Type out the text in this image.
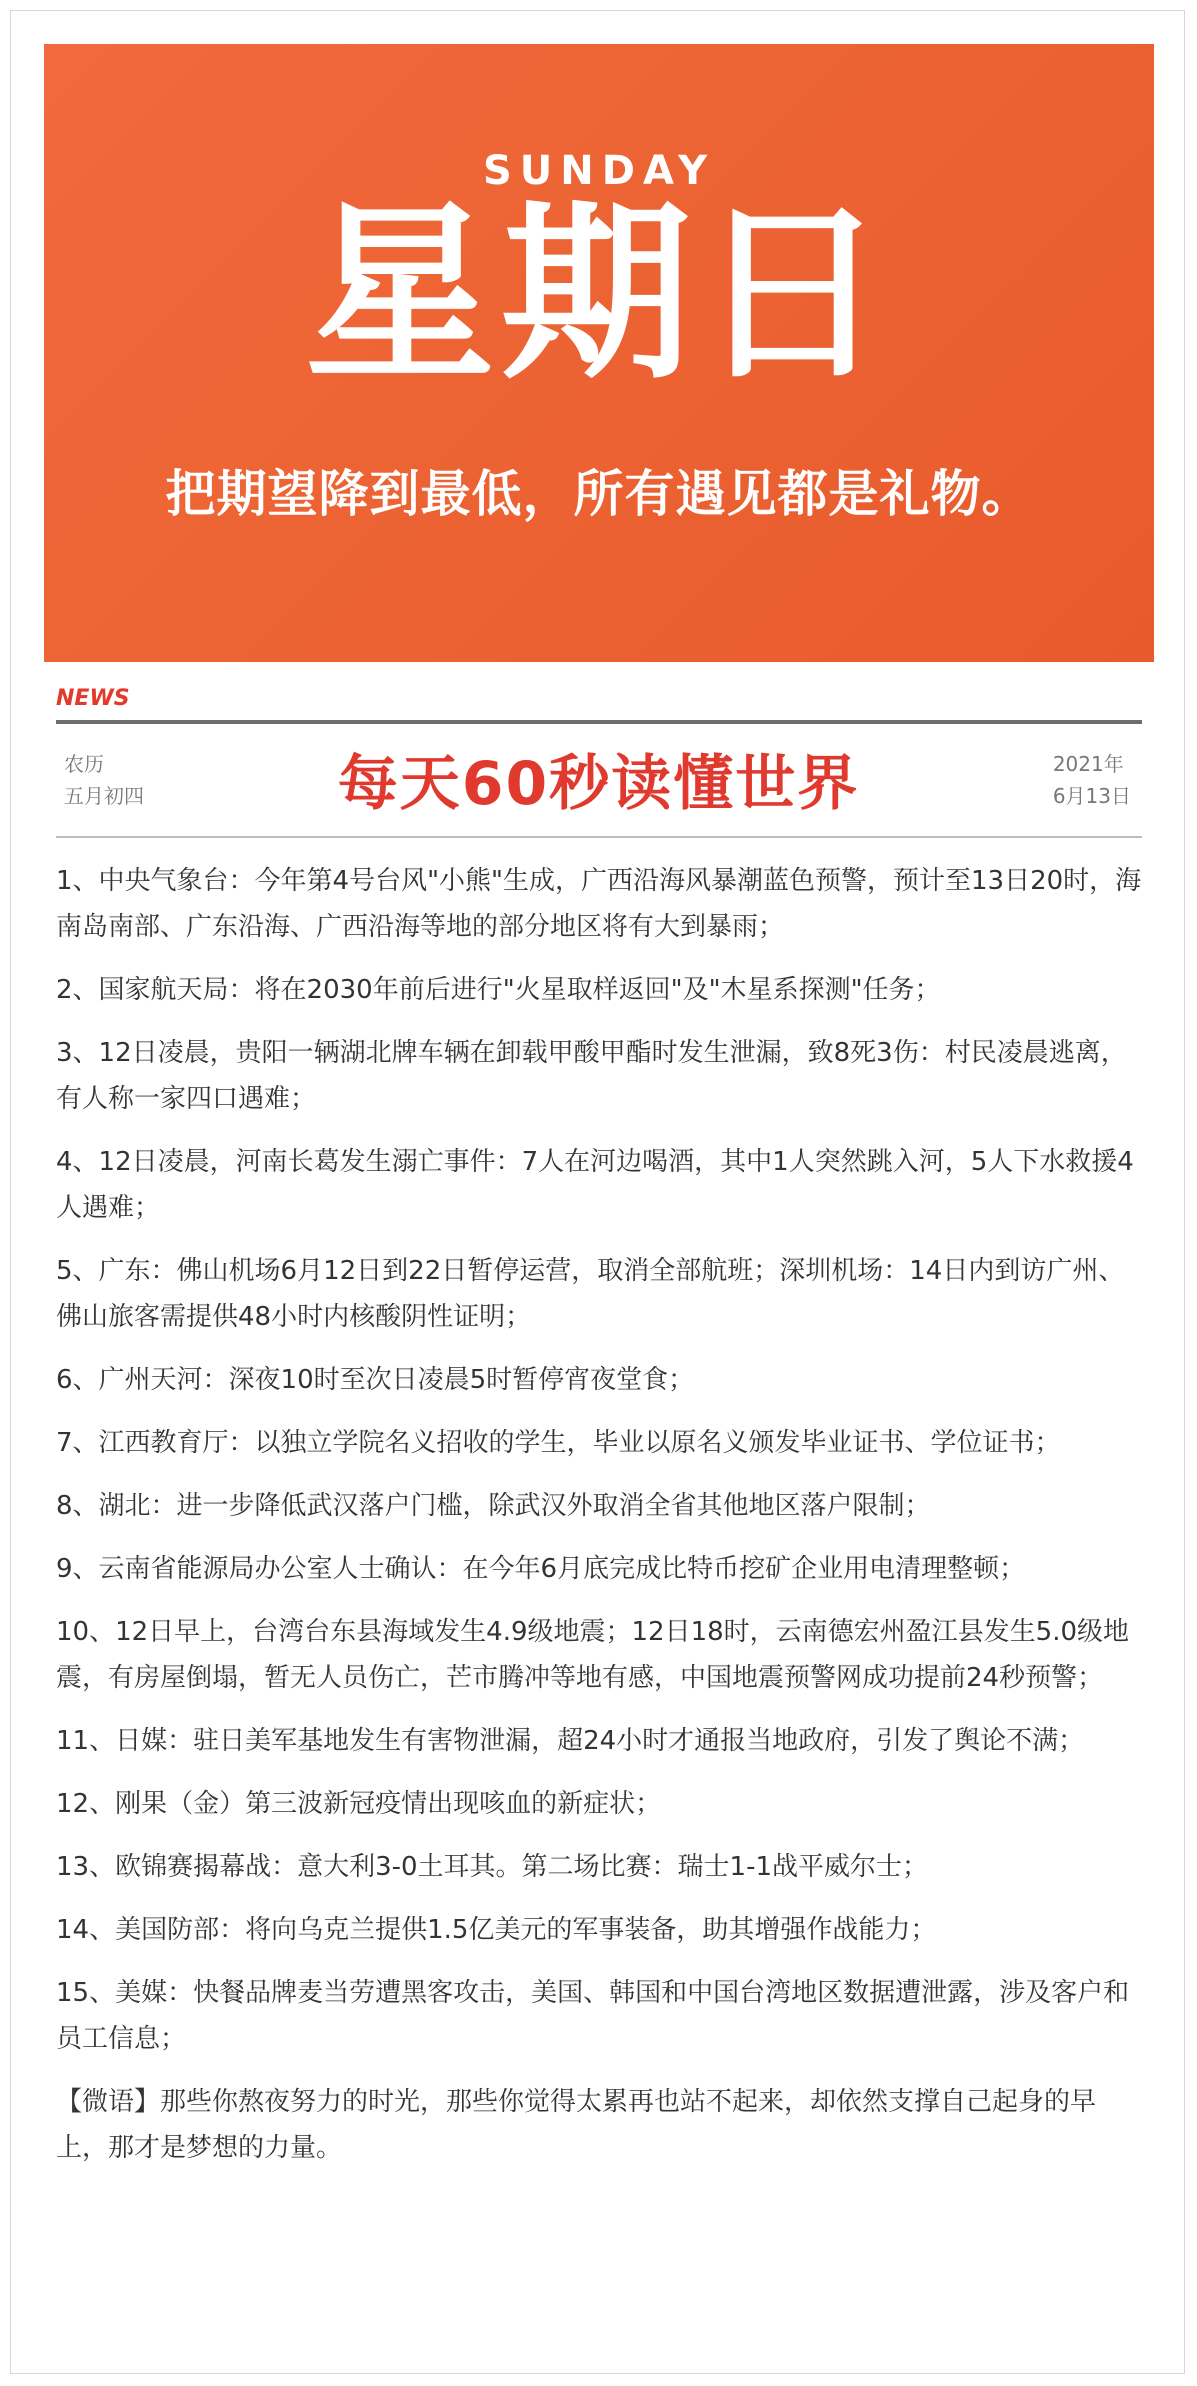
SUNDAY
星期日
把期望降到最低，所有遇见都是礼物。
NEWS
农历
五月初四	每天60秒读懂世界	2021年
6月13日

1、中央气象台：今年第4号台风"小熊"生成，广西沿海风暴潮蓝色预警，预计至13日20时，海南岛南部、广东沿海、广西沿海等地的部分地区将有大到暴雨；

2、国家航天局：将在2030年前后进行"火星取样返回"及"木星系探测"任务；

3、12日凌晨，贵阳一辆湖北牌车辆在卸载甲酸甲酯时发生泄漏，致8死3伤：村民凌晨逃离，有人称一家四口遇难；

4、12日凌晨，河南长葛发生溺亡事件：7人在河边喝酒，其中1人突然跳入河，5人下水救援4人遇难；

5、广东：佛山机场6月12日到22日暂停运营，取消全部航班；深圳机场：14日内到访广州、佛山旅客需提供48小时内核酸阴性证明；

6、广州天河：深夜10时至次日凌晨5时暂停宵夜堂食；

7、江西教育厅：以独立学院名义招收的学生，毕业以原名义颁发毕业证书、学位证书；

8、湖北：进一步降低武汉落户门槛，除武汉外取消全省其他地区落户限制；

9、云南省能源局办公室人士确认：在今年6月底完成比特币挖矿企业用电清理整顿；

10、12日早上，台湾台东县海域发生4.9级地震；12日18时，云南德宏州盈江县发生5.0级地震，有房屋倒塌，暂无人员伤亡，芒市腾冲等地有感，中国地震预警网成功提前24秒预警；

11、日媒：驻日美军基地发生有害物泄漏，超24小时才通报当地政府，引发了舆论不满；

12、刚果（金）第三波新冠疫情出现咳血的新症状；

13、欧锦赛揭幕战：意大利3-0土耳其。第二场比赛：瑞士1-1战平威尔士；

14、美国防部：将向乌克兰提供1.5亿美元的军事装备，助其增强作战能力；

15、美媒：快餐品牌麦当劳遭黑客攻击，美国、韩国和中国台湾地区数据遭泄露，涉及客户和员工信息；

【微语】那些你熬夜努力的时光，那些你觉得太累再也站不起来，却依然支撑自己起身的早上，那才是梦想的力量。
